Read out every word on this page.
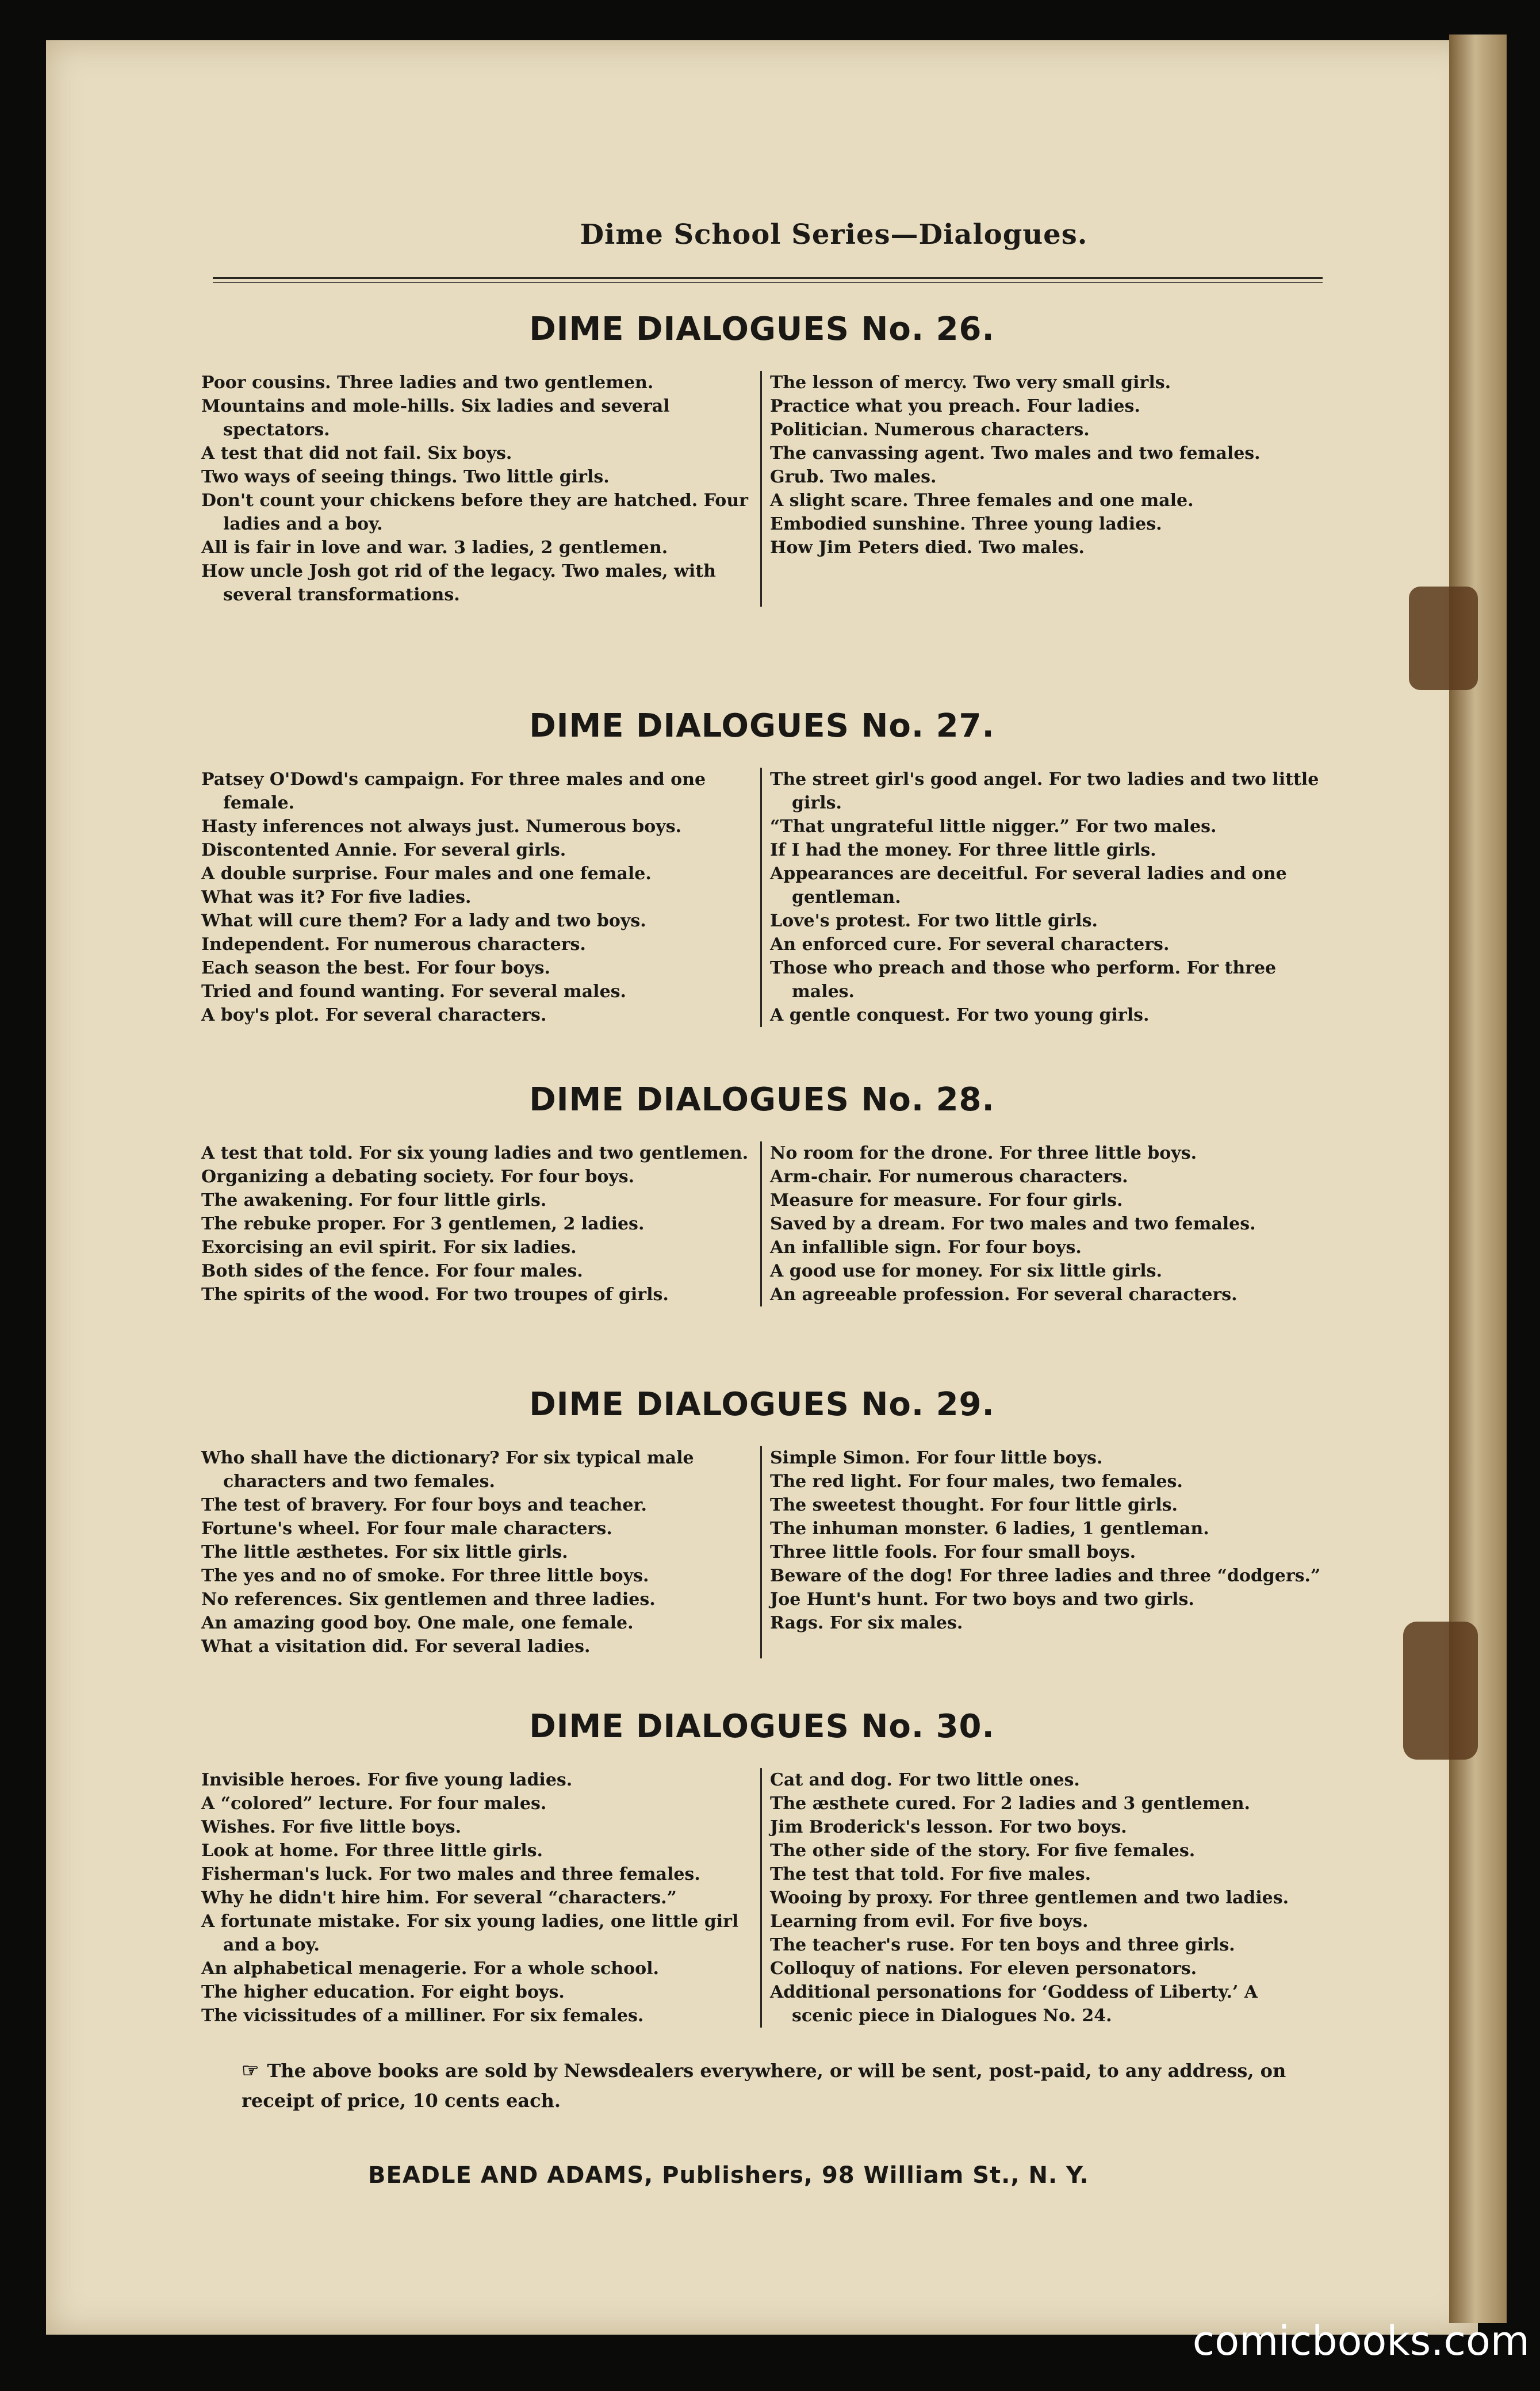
Dime School Series—Dialogues.
DIME DIALOGUES No. 26.
Poor cousins. Three ladies and two gentlemen.
Mountains and mole-hills. Six ladies and several spectators.
A test that did not fail. Six boys.
Two ways of seeing things. Two little girls.
Don't count your chickens before they are hatched. Four ladies and a boy.
All is fair in love and war. 3 ladies, 2 gentlemen.
How uncle Josh got rid of the legacy. Two males, with several transformations.
The lesson of mercy. Two very small girls.
Practice what you preach. Four ladies.
Politician. Numerous characters.
The canvassing agent. Two males and two females.
Grub. Two males.
A slight scare. Three females and one male.
Embodied sunshine. Three young ladies.
How Jim Peters died. Two males.
DIME DIALOGUES No. 27.
Patsey O'Dowd's campaign. For three males and one female.
Hasty inferences not always just. Numerous boys.
Discontented Annie. For several girls.
A double surprise. Four males and one female.
What was it? For five ladies.
What will cure them? For a lady and two boys.
Independent. For numerous characters.
Each season the best. For four boys.
Tried and found wanting. For several males.
A boy's plot. For several characters.
The street girl's good angel. For two ladies and two little girls.
“That ungrateful little nigger.” For two males.
If I had the money. For three little girls.
Appearances are deceitful. For several ladies and one gentleman.
Love's protest. For two little girls.
An enforced cure. For several characters.
Those who preach and those who perform. For three males.
A gentle conquest. For two young girls.
DIME DIALOGUES No. 28.
A test that told. For six young ladies and two gentlemen.
Organizing a debating society. For four boys.
The awakening. For four little girls.
The rebuke proper. For 3 gentlemen, 2 ladies.
Exorcising an evil spirit. For six ladies.
Both sides of the fence. For four males.
The spirits of the wood. For two troupes of girls.
No room for the drone. For three little boys.
Arm-chair. For numerous characters.
Measure for measure. For four girls.
Saved by a dream. For two males and two females.
An infallible sign. For four boys.
A good use for money. For six little girls.
An agreeable profession. For several characters.
DIME DIALOGUES No. 29.
Who shall have the dictionary? For six typical male characters and two females.
The test of bravery. For four boys and teacher.
Fortune's wheel. For four male characters.
The little æsthetes. For six little girls.
The yes and no of smoke. For three little boys.
No references. Six gentlemen and three ladies.
An amazing good boy. One male, one female.
What a visitation did. For several ladies.
Simple Simon. For four little boys.
The red light. For four males, two females.
The sweetest thought. For four little girls.
The inhuman monster. 6 ladies, 1 gentleman.
Three little fools. For four small boys.
Beware of the dog! For three ladies and three “dodgers.”
Joe Hunt's hunt. For two boys and two girls.
Rags. For six males.
DIME DIALOGUES No. 30.
Invisible heroes. For five young ladies.
A “colored” lecture. For four males.
Wishes. For five little boys.
Look at home. For three little girls.
Fisherman's luck. For two males and three females.
Why he didn't hire him. For several “characters.”
A fortunate mistake. For six young ladies, one little girl and a boy.
An alphabetical menagerie. For a whole school.
The higher education. For eight boys.
The vicissitudes of a milliner. For six females.
Cat and dog. For two little ones.
The æsthete cured. For 2 ladies and 3 gentlemen.
Jim Broderick's lesson. For two boys.
The other side of the story. For five females.
The test that told. For five males.
Wooing by proxy. For three gentlemen and two ladies.
Learning from evil. For five boys.
The teacher's ruse. For ten boys and three girls.
Colloquy of nations. For eleven personators.
Additional personations for ‘Goddess of Liberty.’ A scenic piece in Dialogues No. 24.
☞ The above books are sold by Newsdealers everywhere, or will be sent, post-paid, to any address, on receipt of price, 10 cents each.
BEADLE AND ADAMS, Publishers, 98 William St., N. Y.
comicbooks.com
